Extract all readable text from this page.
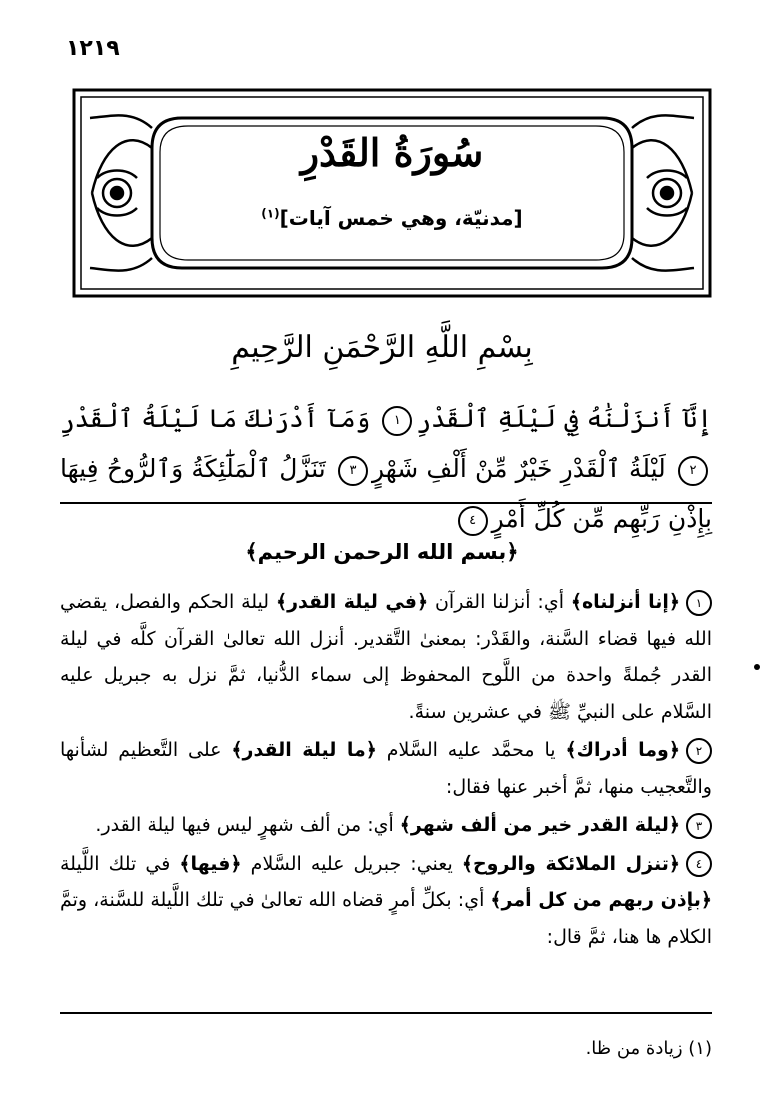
١٢١٩
سُورَةُ القَدْرِ
[مدنيّة، وهي خمس آيات]$^{(١)}$
بِسْمِ اللَّهِ الرَّحْمَنِ الرَّحِيمِ
إِنَّآ أَنزَلْنَٰهُ فِي لَيْلَةِ ٱلْقَدْرِ١ وَمَآ أَدْرَىٰكَ مَا لَيْلَةُ ٱلْقَدْرِ٢ لَيْلَةُ ٱلْقَدْرِ خَيْرٌ مِّنْ أَلْفِ شَهْرٍ٣ تَنَزَّلُ ٱلْمَلَٰٓئِكَةُ وَٱلرُّوحُ فِيهَا بِإِذْنِ رَبِّهِم مِّن كُلِّ أَمْرٍ٤
﴿بسم الله الرحمن الرحيم﴾

١﴿إنا أنزلناه﴾ أي: أنزلنا القرآن ﴿في ليلة القدر﴾ ليلة الحكم والفصل، يقضي الله فيها قضاء السَّنة، والقَدْر: بمعنىٰ التَّقدير. أنزل الله تعالىٰ القرآن كلَّه في ليلة القدر جُملةً واحدة من اللَّوح المحفوظ إلى سماء الدُّنيا، ثمَّ نزل به جبريل عليه السَّلام على النبيِّ ﷺ في عشرين سنةً.

٢﴿وما أدراك﴾ يا محمَّد عليه السَّلام ﴿ما ليلة القدر﴾ على التَّعظيم لشأنها والتَّعجيب منها، ثمَّ أخبر عنها فقال:

٣﴿ليلة القدر خير من ألف شهر﴾ أي: من ألف شهرٍ ليس فيها ليلة القدر.

٤﴿تنزل الملائكة والروح﴾ يعني: جبريل عليه السَّلام ﴿فيها﴾ في تلك اللَّيلة ﴿بإذن ربهم من كل أمر﴾ أي: بكلِّ أمرٍ قضاه الله تعالىٰ في تلك اللَّيلة للسَّنة، وتمَّ الكلام ها هنا، ثمَّ قال:

(١) زيادة من ظا.
